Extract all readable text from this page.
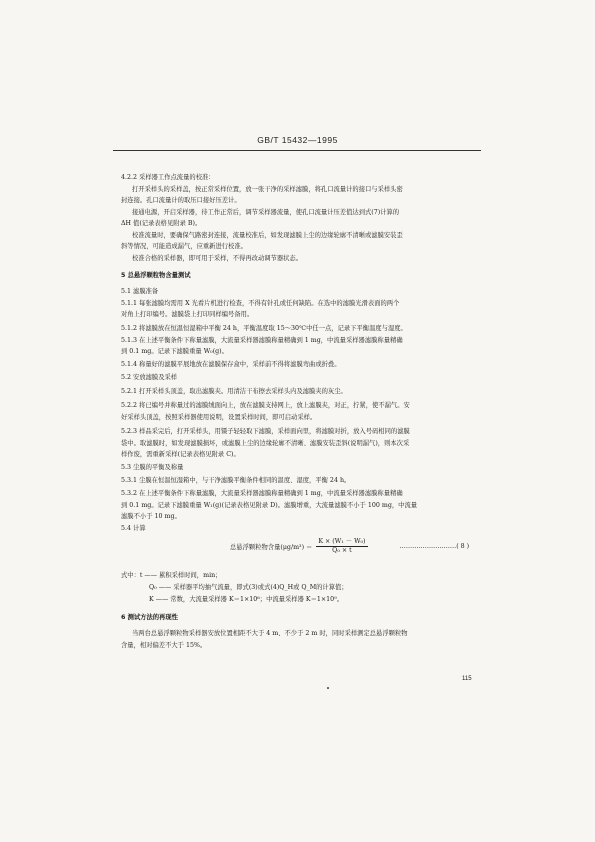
GB/T 15432—1995
4.2.2 采样器工作点流量的校准：
打开采样头的采样盖，按正常采样位置，放一张干净的采样滤膜，将孔口流量计的接口与采样头密
封连接。孔口流量计的取压口接好压差计。
接通电源，开启采样器，待工作正常后，调节采样器流量，使孔口流量计压差值达到式(7)计算的
ΔH 值(记录表格见附录 B)。
校准流量时，要确保气路密封连接，流量校准后，如发现滤膜上尘的边缘轮廓不清晰或滤膜安装歪
斜等情况，可能造成漏气，应重新进行校准。
校准合格的采样器，即可用于采样，不得再改动调节器状态。
5 总悬浮颗粒物含量测试
5.1 滤膜准备
5.1.1 每张滤膜均需用 X 光看片机进行检查，不得有针孔或任何缺陷。在选中的滤膜光滑表面的两个
对角上打印编号。滤膜袋上打印同样编号备用。
5.1.2 将滤膜放在恒温恒湿箱中平衡 24 h，平衡温度取 15～30℃中任一点，记录下平衡温度与湿度。
5.1.3 在上述平衡条件下称量滤膜，大流量采样器滤膜称量精确到 1 mg，中流量采样器滤膜称量精确
到 0.1 mg。记录下滤膜重量 W₀(g)。
5.1.4 称量好的滤膜平展地放在滤膜保存盒中，采样前不得将滤膜弯曲或折叠。
5.2 安放滤膜及采样
5.2.1 打开采样头顶盖，取出滤膜夹。用清洁干布擦去采样头内及滤膜夹的灰尘。
5.2.2 将已编号并称量过的滤膜绒面向上，放在滤膜支持网上，放上滤膜夹，对正，拧紧，使不漏气。安
好采样头顶盖，按照采样器使用说明，设置采样时间，即可启动采样。
5.2.3 样品采完后，打开采样头，用镊子轻轻取下滤膜，采样面向里，将滤膜对折，放入号码相同的滤膜
袋中。取滤膜时，如发现滤膜损坏，或滤膜上尘的边缘轮廓不清晰、滤膜安装歪斜(说明漏气)，则本次采
样作废，需重新采样(记录表格见附录 C)。
5.3 尘膜的平衡及称量
5.3.1 尘膜在恒温恒湿箱中，与干净滤膜平衡条件相同的温度、湿度，平衡 24 h。
5.3.2 在上述平衡条件下称量滤膜，大流量采样器滤膜称量精确到 1 mg，中流量采样器滤膜称量精确
到 0.1 mg。记录下滤膜重量 W₁(g)(记录表格见附录 D)。滤膜增重，大流量滤膜不小于 100 mg，中流量
滤膜不小于 10 mg。
5.4 计算
总悬浮颗粒物含量$(\mu g/m^3) = \frac{\text{K × (W₁ － W₀)}}{\text{Q₀ × t}}$	………………………( 8 )
式中：t —— 累积采样时间，min；
Q₀ —— 采样器平均抽气流量，即式(3)或式(4)Q_H或 Q_M的计算值；
K —— 常数，大流量采样器 K＝1×10⁶；中流量采样器 K＝1×10⁹。
6 测试方法的再现性
当两台总悬浮颗粒物采样器安放位置相距不大于 4 m、不少于 2 m 时，同时采样测定总悬浮颗粒物
含量，相对偏差不大于 15%。
115
